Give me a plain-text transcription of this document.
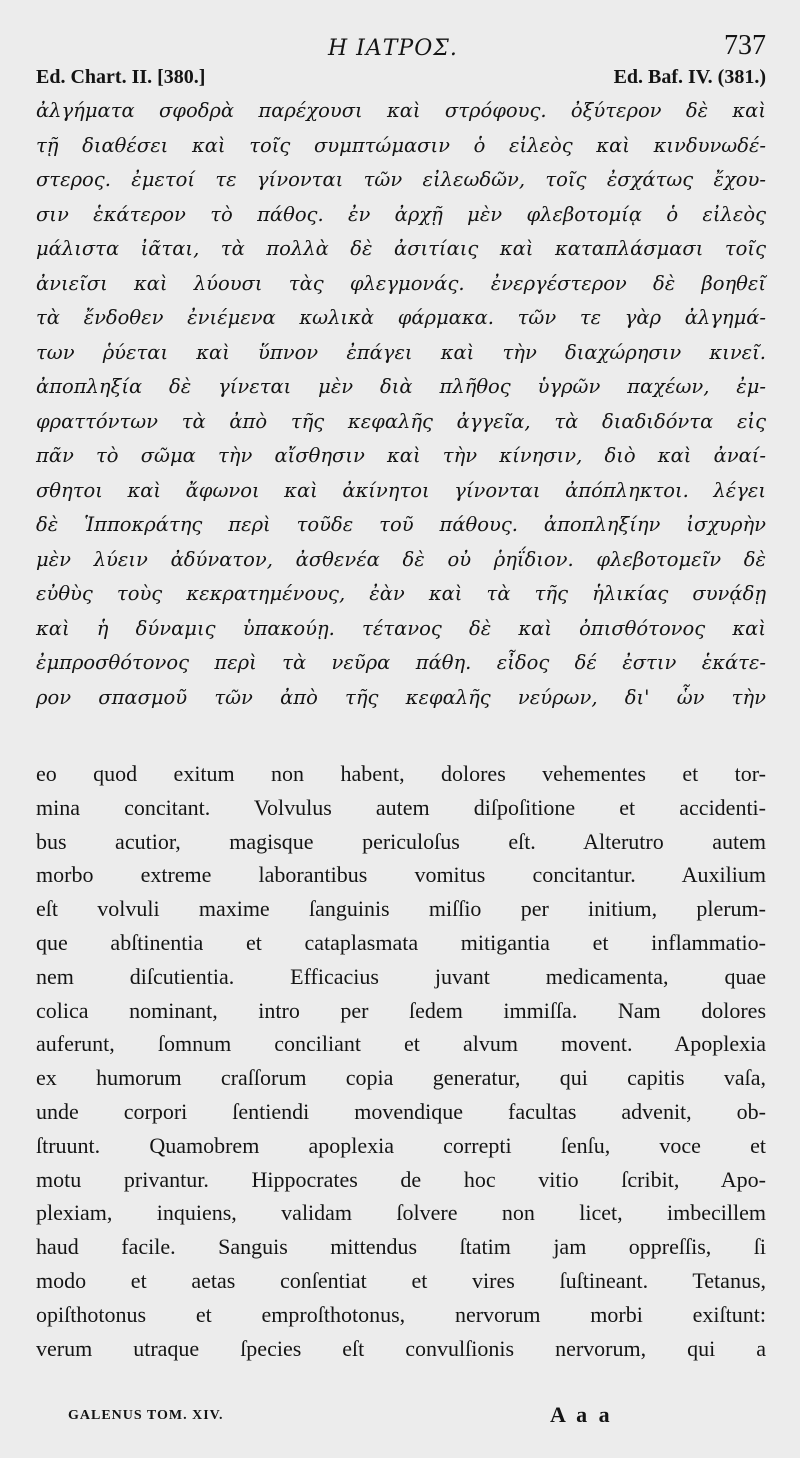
Η ΙΑΤΡΟΣ.	737
Ed. Chart. II. [380.]	Ed. Baf. IV. (381.)
ἀλγήματα σφοδρὰ παρέχουσι καὶ στρόφους. ὀξύτερον δὲ καὶ
τῇ διαθέσει καὶ τοῖς συμπτώμασιν ὁ εἰλεὸς καὶ κινδυνωδέ-
στερος. ἐμετοί τε γίνονται τῶν εἰλεωδῶν, τοῖς ἐσχάτως ἔχου-
σιν ἑκάτερον τὸ πάθος. ἐν ἀρχῇ μὲν φλεβοτομίᾳ ὁ εἰλεὸς
μάλιστα ἰᾶται, τὰ πολλὰ δὲ ἀσιτίαις καὶ καταπλάσμασι τοῖς
ἀνιεῖσι καὶ λύουσι τὰς φλεγμονάς. ἐνεργέστερον δὲ βοηθεῖ
τὰ ἔνδοθεν ἐνιέμενα κωλικὰ φάρμακα. τῶν τε γὰρ ἀλγημά-
των ῥύεται καὶ ὕπνον ἐπάγει καὶ τὴν διαχώρησιν κινεῖ.
ἀποπληξία δὲ γίνεται μὲν διὰ πλῆθος ὑγρῶν παχέων, ἐμ-
φραττόντων τὰ ἀπὸ τῆς κεφαλῆς ἀγγεῖα, τὰ διαδιδόντα εἰς
πᾶν τὸ σῶμα τὴν αἴσθησιν καὶ τὴν κίνησιν, διὸ καὶ ἀναί-
σθητοι καὶ ἄφωνοι καὶ ἀκίνητοι γίνονται ἀπόπληκτοι. λέγει
δὲ Ἱπποκράτης περὶ τοῦδε τοῦ πάθους. ἀποπληξίην ἰσχυρὴν
μὲν λύειν ἀδύνατον, ἀσθενέα δὲ οὐ ῥηΐδιον. φλεβοτομεῖν δὲ
εὐθὺς τοὺς κεκρατημένους, ἐὰν καὶ τὰ τῆς ἡλικίας συνᾴδῃ
καὶ ἡ δύναμις ὑπακούῃ. τέτανος δὲ καὶ ὀπισθότονος καὶ
ἐμπροσθότονος περὶ τὰ νεῦρα πάθη. εἶδος δέ ἐστιν ἑκάτε-
ρον σπασμοῦ τῶν ἀπὸ τῆς κεφαλῆς νεύρων, δι' ὧν τὴν
eo quod exitum non habent, dolores vehementes et tor-
mina concitant. Volvulus autem diſpoſitione et accidenti-
bus acutior, magisque periculoſus eſt. Alterutro autem
morbo extreme laborantibus vomitus concitantur. Auxilium
eſt volvuli maxime ſanguinis miſſio per initium, plerum-
que abſtinentia et cataplasmata mitigantia et inflammatio-
nem diſcutientia. Efficacius juvant medicamenta, quae
colica nominant, intro per ſedem immiſſa. Nam dolores
auferunt, ſomnum conciliant et alvum movent. Apoplexia
ex humorum craſſorum copia generatur, qui capitis vaſa,
unde corpori ſentiendi movendique facultas advenit, ob-
ſtruunt. Quamobrem apoplexia correpti ſenſu, voce et
motu privantur. Hippocrates de hoc vitio ſcribit, Apo-
plexiam, inquiens, validam ſolvere non licet, imbecillem
haud facile. Sanguis mittendus ſtatim jam oppreſſis, ſi
modo et aetas conſentiat et vires ſuſtineant. Tetanus,
opiſthotonus et emproſthotonus, nervorum morbi exiſtunt:
verum utraque ſpecies eſt convulſionis nervorum, qui a
GALENUS TOM. XIV.	A a a
